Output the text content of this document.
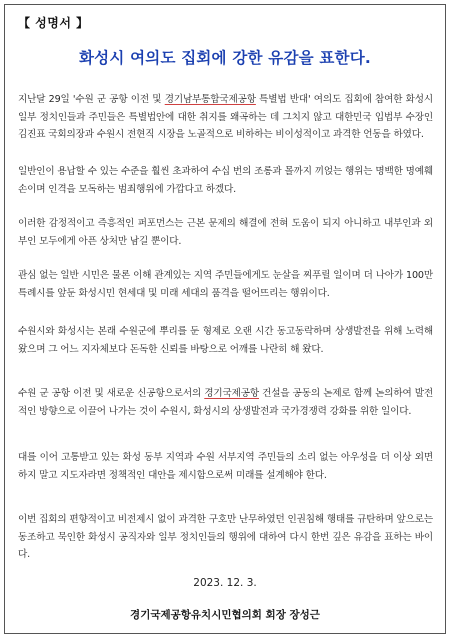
【 성명서 】
화성시 여의도 집회에 강한 유감을 표한다.
지난달 29일 '수원 군 공항 이전 및 경기남부통합국제공항 특별법 반대' 여의도 집회에 참여한 화성시 일부 정치인들과 주민들은 특별법안에 대한 취지를 왜곡하는 데 그치지 않고 대한민국 입법부 수장인 김진표 국회의장과 수원시 전현직 시장을 노골적으로 비하하는 비이성적이고 과격한 언동을 하였다.
일반인이 용납할 수 있는 수준을 훨씬 초과하여 수십 번의 조롱과 몰까지 끼얹는 행위는 명백한 명예훼손이며 인격을 모독하는 범죄행위에 가깝다고 하겠다.
이러한 감정적이고 즉흥적인 퍼포먼스는 근본 문제의 해결에 전혀 도움이 되지 아니하고 내부인과 외부인 모두에게 아픈 상처만 남길 뿐이다.
관심 없는 일반 시민은 물론 이해 관계있는 지역 주민들에게도 눈살을 찌푸릴 일이며 더 나아가 100만 특례시를 앞둔 화성시민 현세대 및 미래 세대의 품격을 떨어뜨리는 행위이다.
수원시와 화성시는 본래 수원군에 뿌리를 둔 형제로 오랜 시간 동고동락하며 상생발전을 위해 노력해 왔으며 그 어느 지자체보다 돈독한 신뢰를 바탕으로 어깨를 나란히 해 왔다.
수원 군 공항 이전 및 새로운 신공항으로서의 경기국제공항 건설을 공동의 논제로 함께 논의하여 발전적인 방향으로 이끌어 나가는 것이 수원시, 화성시의 상생발전과 국가경쟁력 강화를 위한 일이다.
대를 이어 고통받고 있는 화성 동부 지역과 수원 서부지역 주민들의 소리 없는 아우성을 더 이상 외면하지 말고 지도자라면 정책적인 대안을 제시함으로써 미래를 설계해야 한다.
이번 집회의 편향적이고 비전제시 없이 과격한 구호만 난무하였던 인권침해 행태를 규탄하며 앞으로는 동조하고 묵인한 화성시 공직자와 일부 정치인들의 행위에 대하여 다시 한번 깊은 유감을 표하는 바이다.
2023. 12. 3.
경기국제공항유치시민협의회 회장 장성근
